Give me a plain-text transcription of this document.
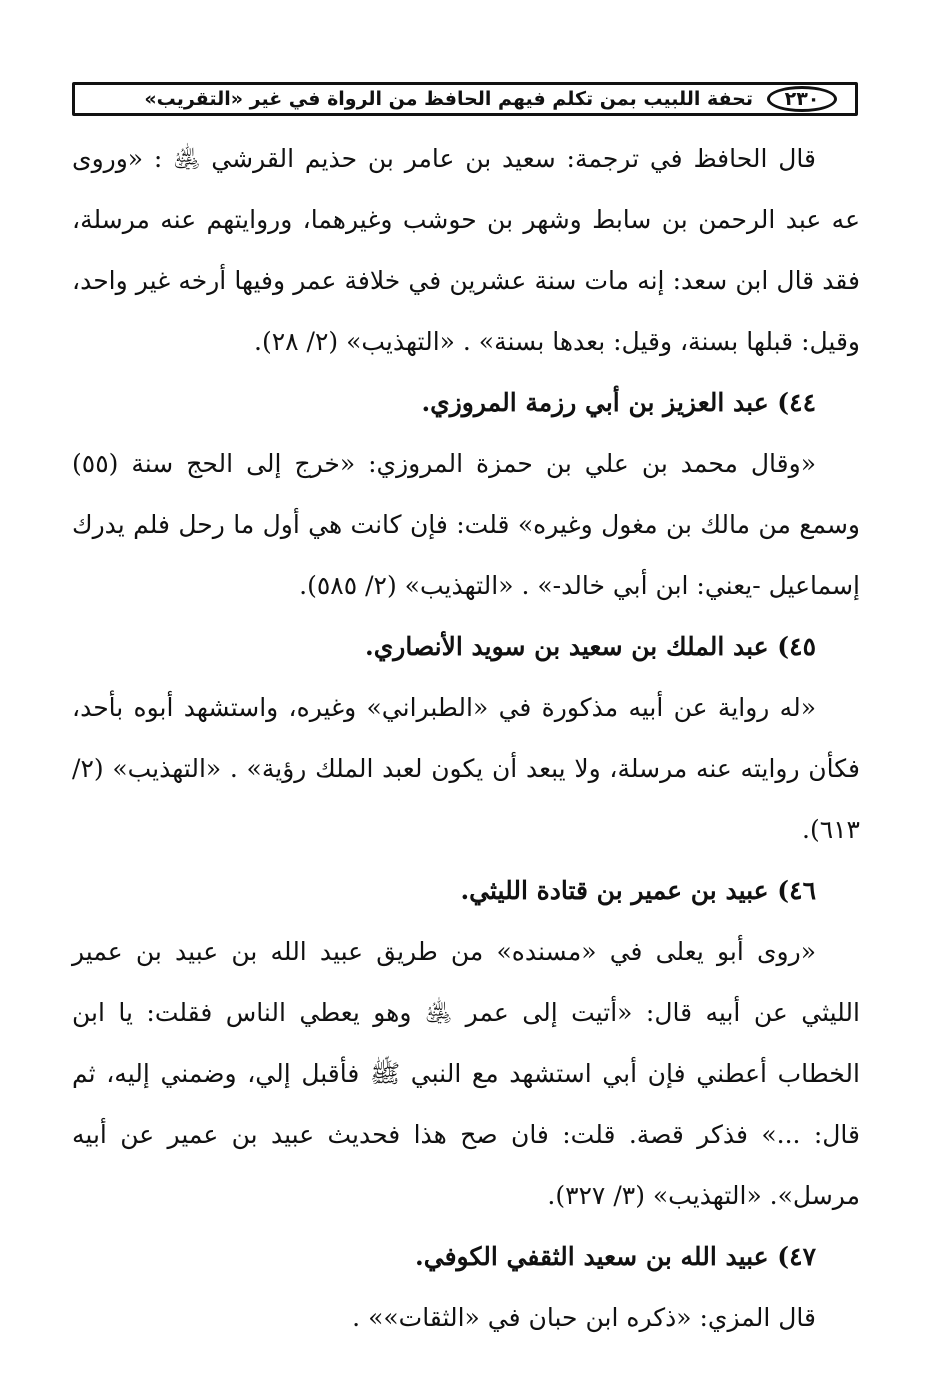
٢٣٠
تحفة اللبيب بمن تكلم فيهم الحافظ من الرواة في غير «التقريب»

قال الحافظ في ترجمة: سعيد بن عامر بن حذيم القرشي ﵁ : «وروى عه عبد الرحمن بن سابط وشهر بن حوشب وغيرهما، وروايتهم عنه مرسلة، فقد قال ابن سعد: إنه مات سنة عشرين في خلافة عمر وفيها أرخه غير واحد، وقيل: قبلها بسنة، وقيل: بعدها بسنة» . «التهذيب» (٢/ ٢٨).

٤٤) عبد العزيز بن أبي رزمة المروزي.

«وقال محمد بن علي بن حمزة المروزي: «خرج إلى الحج سنة (٥٥) وسمع من مالك بن مغول وغيره» قلت: فإن كانت هي أول ما رحل فلم يدرك إسماعيل -يعني: ابن أبي خالد-» . «التهذيب» (٢/ ٥٨٥).

٤٥) عبد الملك بن سعيد بن سويد الأنصاري.

«له رواية عن أبيه مذكورة في «الطبراني» وغيره، واستشهد أبوه بأحد، فكأن روايته عنه مرسلة، ولا يبعد أن يكون لعبد الملك رؤية» . «التهذيب» (٢/ ٦١٣).

٤٦) عبيد بن عمير بن قتادة الليثي.

«روى أبو يعلى في «مسنده» من طريق عبيد الله بن عبيد بن عمير الليثي عن أبيه قال: «أتيت إلى عمر ﵁ وهو يعطي الناس فقلت: يا ابن الخطاب أعطني فإن أبي استشهد مع النبي ﷺ فأقبل إلي، وضمني إليه، ثم قال: ...» فذكر قصة. قلت: فان صح هذا فحديث عبيد بن عمير عن أبيه مرسل». «التهذيب» (٣/ ٣٢٧).

٤٧) عبيد الله بن سعيد الثقفي الكوفي.

قال المزي: «ذكره ابن حبان في «الثقات»» .
